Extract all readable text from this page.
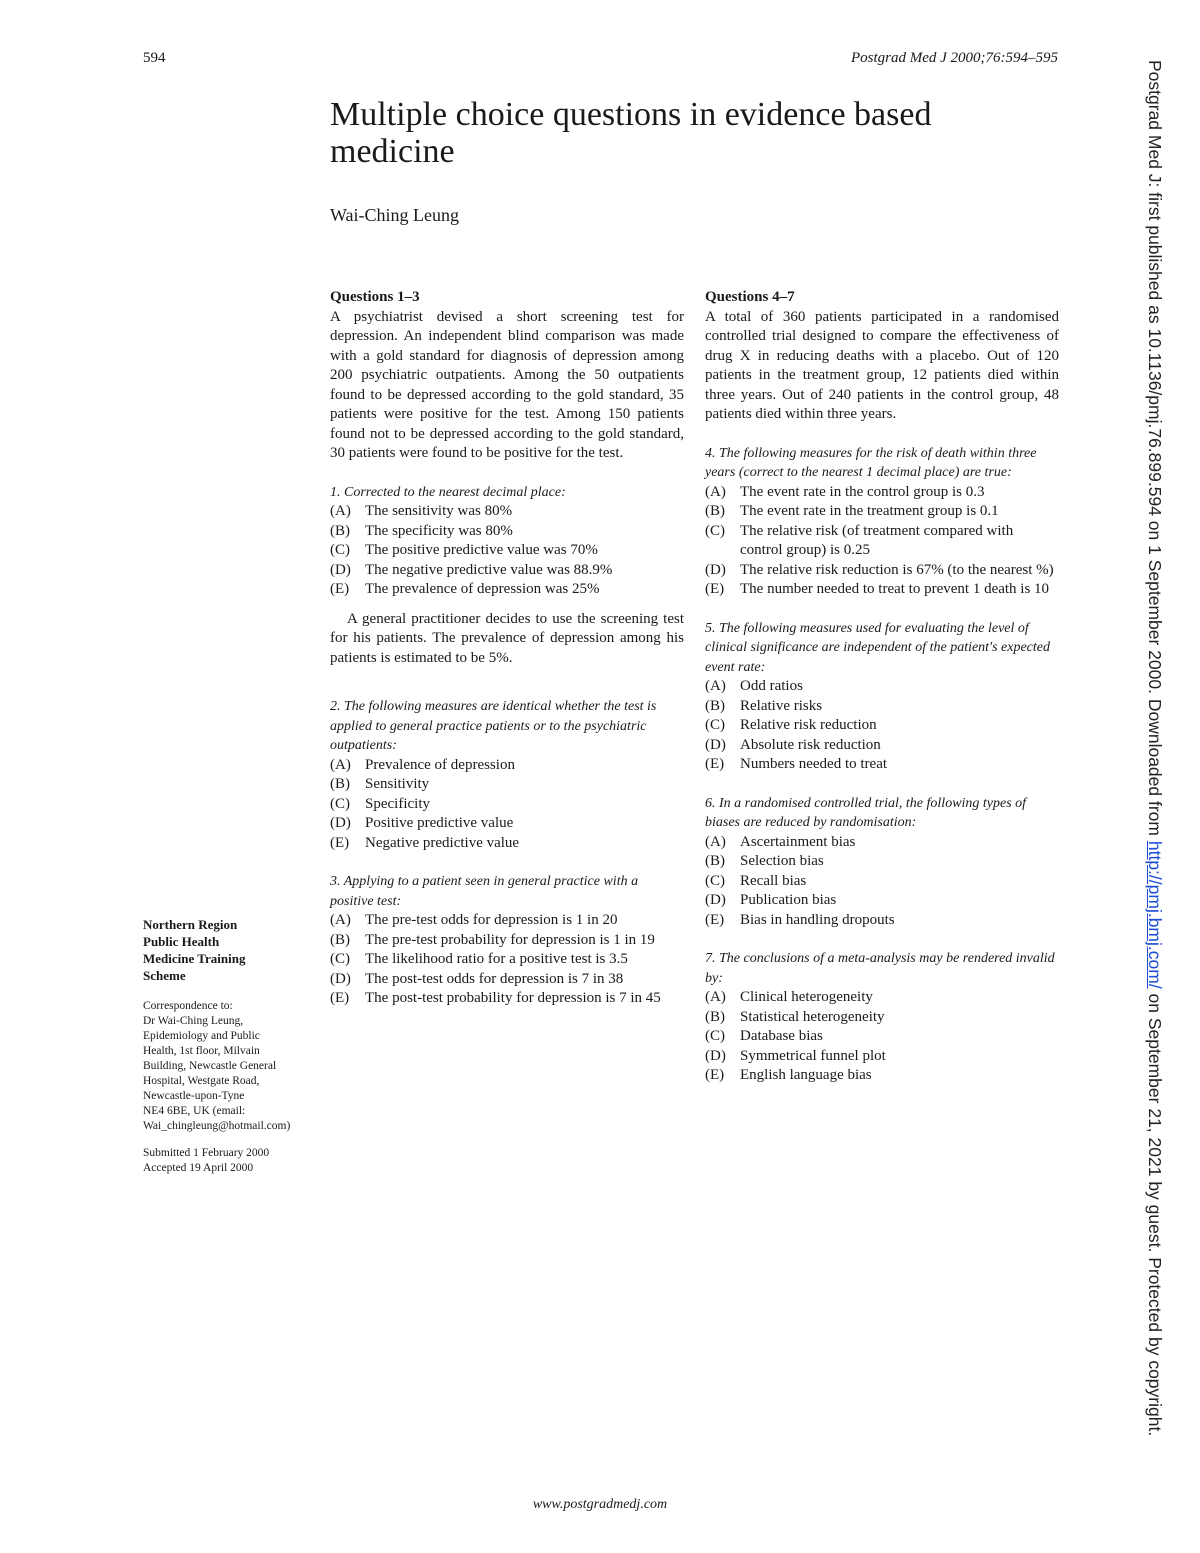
594	Postgrad Med J 2000;76:594–595
Multiple choice questions in evidence based medicine
Wai-Ching Leung
Northern Region
Public Health
Medicine Training
Scheme
Correspondence to:
Dr Wai-Ching Leung,
Epidemiology and Public
Health, 1st floor, Milvain
Building, Newcastle General
Hospital, Westgate Road,
Newcastle-upon-Tyne
NE4 6BE, UK (email:
Wai_chingleung@hotmail.com)
Submitted 1 February 2000
Accepted 19 April 2000
Questions 1–3
A psychiatrist devised a short screening test for depression. An independent blind comparison was made with a gold standard for diagnosis of depression among 200 psychiatric outpatients. Among the 50 outpatients found to be depressed according to the gold standard, 35 patients were positive for the test. Among 150 patients found not to be depressed according to the gold standard, 30 patients were found to be positive for the test.
1. Corrected to the nearest decimal place:
(A) The sensitivity was 80%
(B)	The specificity was 80%
(C)	The positive predictive value was 70%
(D) The negative predictive value was 88.9%
(E)	The prevalence of depression was 25%
A general practitioner decides to use the screening test for his patients. The prevalence of depression among his patients is estimated to be 5%.
2. The following measures are identical whether the test is applied to general practice patients or to the psychiatric outpatients:
(A) Prevalence of depression
(B)	Sensitivity
(C)	Specificity
(D) Positive predictive value
(E)	Negative predictive value
3. Applying to a patient seen in general practice with a positive test:
(A) The pre-test odds for depression is 1 in 20
(B)	The pre-test probability for depression is 1 in 19
(C)	The likelihood ratio for a positive test is 3.5
(D) The post-test odds for depression is 7 in 38
(E)	The post-test probability for depression is 7 in 45
Questions 4–7
A total of 360 patients participated in a randomised controlled trial designed to compare the effectiveness of drug X in reducing deaths with a placebo. Out of 120 patients in the treatment group, 12 patients died within three years. Out of 240 patients in the control group, 48 patients died within three years.
4. The following measures for the risk of death within three years (correct to the nearest 1 decimal place) are true:
(A) The event rate in the control group is 0.3
(B)	The event rate in the treatment group is 0.1
(C)	The relative risk (of treatment compared with control group) is 0.25
(D) The relative risk reduction is 67% (to the nearest %)
(E)	The number needed to treat to prevent 1 death is 10
5. The following measures used for evaluating the level of clinical significance are independent of the patient's expected event rate:
(A) Odd ratios
(B)	Relative risks
(C)	Relative risk reduction
(D) Absolute risk reduction
(E)	Numbers needed to treat
6. In a randomised controlled trial, the following types of biases are reduced by randomisation:
(A) Ascertainment bias
(B)	Selection bias
(C)	Recall bias
(D) Publication bias
(E)	Bias in handling dropouts
7. The conclusions of a meta-analysis may be rendered invalid by:
(A) Clinical heterogeneity
(B)	Statistical heterogeneity
(C)	Database bias
(D) Symmetrical funnel plot
(E)	English language bias
www.postgradmedj.com
Postgrad Med J: first published as 10.1136/pmj.76.899.594 on 1 September 2000. Downloaded from http://pmj.bmj.com/ on September 21, 2021 by guest. Protected by copyright.
